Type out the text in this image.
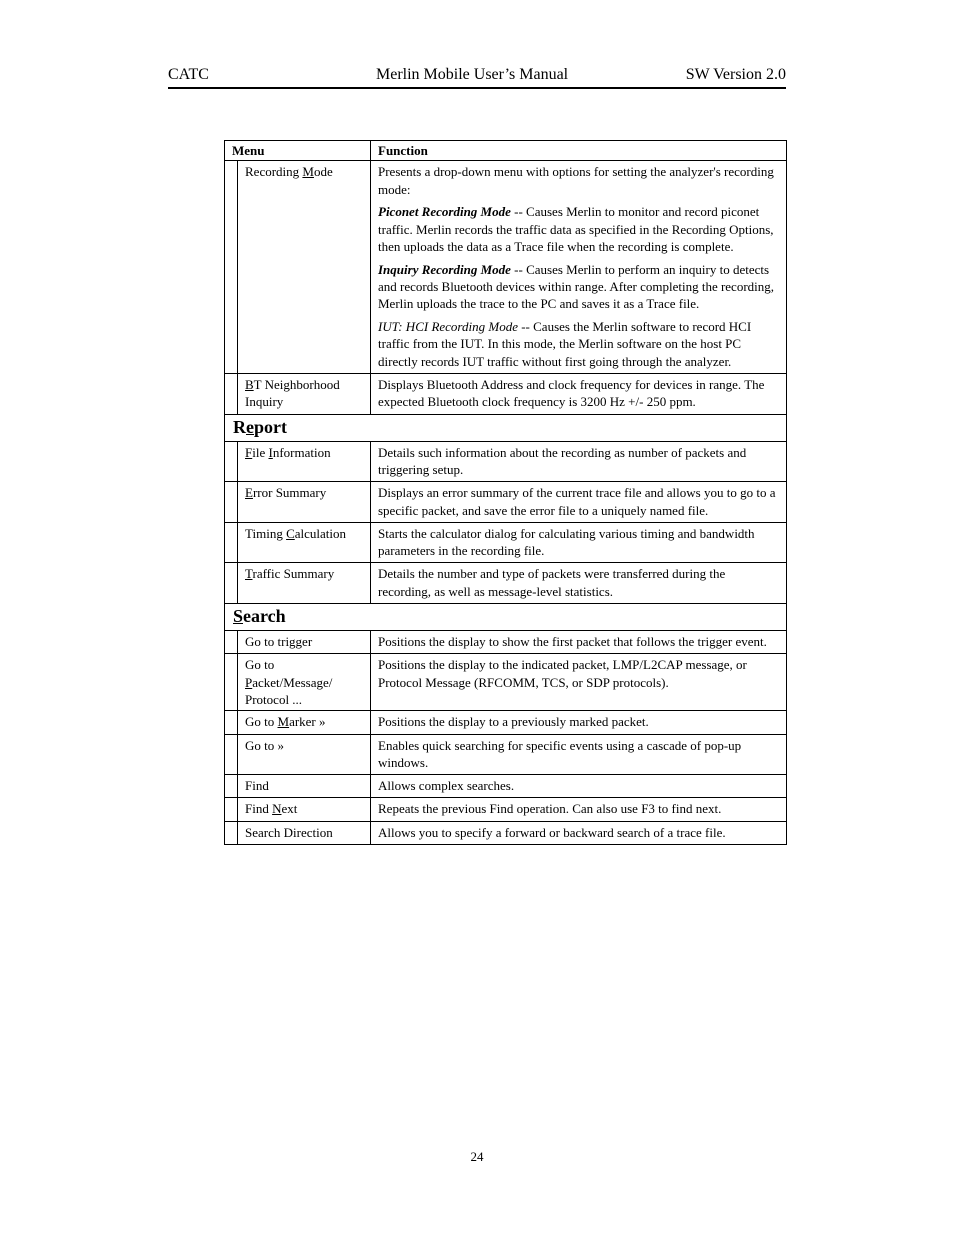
CATC	Merlin Mobile User’s Manual	SW Version 2.0
Menu		Function
	Recording Mode	Presents a drop-down menu with options for setting the analyzer's recording mode:

Piconet Recording Mode -- Causes Merlin to monitor and record piconet traffic. Merlin records the traffic data as specified in the Recording Options, then uploads the data as a Trace file when the recording is complete.

Inquiry Recording Mode -- Causes Merlin to perform an inquiry to detects and records Bluetooth devices within range. After completing the recording, Merlin uploads the trace to the PC and saves it as a Trace file.

IUT: HCI Recording Mode -- Causes the Merlin software to record HCI traffic from the IUT. In this mode, the Merlin software on the host PC directly records IUT traffic without first going through the analyzer.

	BT Neighborhood Inquiry	Displays Bluetooth Address and clock frequency for devices in range. The expected Bluetooth clock frequency is 3200 Hz +/- 250 ppm.
Report		
	File Information	Details such information about the recording as number of packets and triggering setup.
	Error Summary	Displays an error summary of the current trace file and allows you to go to a specific packet, and save the error file to a uniquely named file.
	Timing Calculation	Starts the calculator dialog for calculating various timing and bandwidth parameters in the recording file.
	Traffic Summary	Details the number and type of packets were transferred during the recording, as well as message-level statistics.
Search		
	Go to trigger	Positions the display to show the first packet that follows the trigger event.
	Go to Packet/Message/ Protocol ...	Positions the display to the indicated packet, LMP/L2CAP message, or Protocol Message (RFCOMM, TCS, or SDP protocols).
	Go to Marker »	Positions the display to a previously marked packet.
	Go to »	Enables quick searching for specific events using a cascade of pop-up windows.
	Find	Allows complex searches.
	Find Next	Repeats the previous Find operation. Can also use F3 to find next.
	Search Direction	Allows you to specify a forward or backward search of a trace file.
24
